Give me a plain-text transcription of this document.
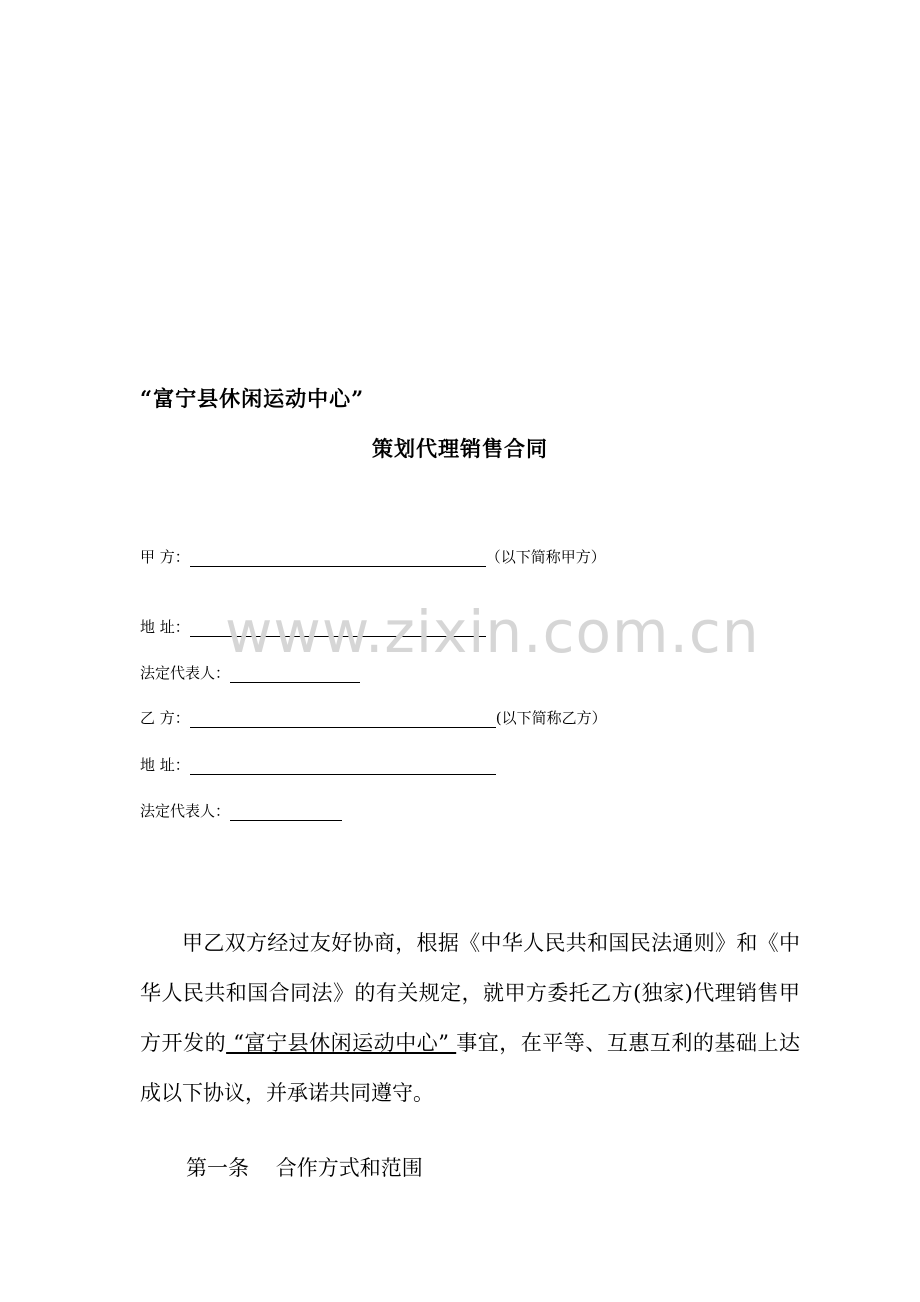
“富宁县休闲运动中心”
策划代理销售合同
甲 方：	（以下简称甲方）
地 址：
法定代表人：
乙 方：	(以下简称乙方）
地 址：
法定代表人：
www.zixin.com.cn
甲乙双方经过友好协商，根据《中华人民共和国民法通则》和《中华人民共和国合同法》的有关规定，就甲方委托乙方(独家)代理销售甲方开发的 “富宁县休闲运动中心” 事宜，在平等、互惠互利的基础上达成以下协议，并承诺共同遵守。
第一条    合作方式和范围
